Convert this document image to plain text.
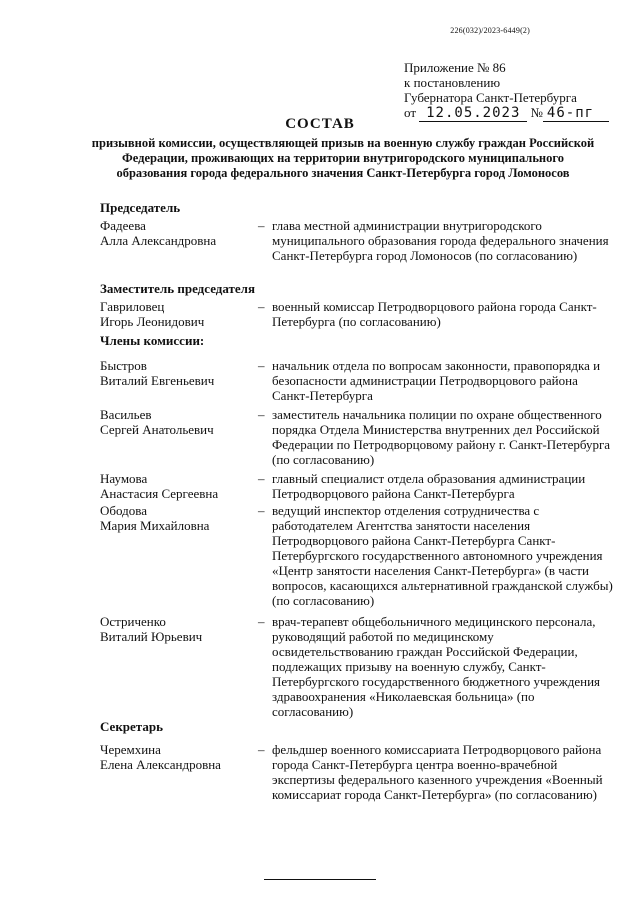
226(032)/2023-6449(2)
Приложение № 86
к постановлению
Губернатора Санкт-Петербурга
от 12.05.2023 № 46-пг
СОСТАВ
призывной комиссии, осуществляющей призыв на военную службу граждан Российской Федерации, проживающих на территории внутригородского муниципального образования города федерального значения Санкт-Петербурга город Ломоносов
Председатель
Фадеева
Алла Александровна
– глава местной администрации внутригородского муниципального образования города федерального значения Санкт-Петербурга город Ломоносов (по согласованию)
Заместитель председателя
Гавриловец
Игорь Леонидович
– военный комиссар Петродворцового района города Санкт-Петербурга (по согласованию)
Члены комиссии:
Быстров
Виталий Евгеньевич
– начальник отдела по вопросам законности, правопорядка и безопасности администрации Петродворцового района Санкт-Петербурга
Васильев
Сергей Анатольевич
– заместитель начальника полиции по охране общественного порядка Отдела Министерства внутренних дел Российской Федерации по Петродворцовому району г. Санкт-Петербурга (по согласованию)
Наумова
Анастасия Сергеевна
– главный специалист отдела образования администрации Петродворцового района Санкт-Петербурга
Ободова
Мария Михайловна
– ведущий инспектор отделения сотрудничества с работодателем Агентства занятости населения Петродворцового района Санкт-Петербурга Санкт-Петербургского государственного автономного учреждения «Центр занятости населения Санкт-Петербурга» (в части вопросов, касающихся альтернативной гражданской службы) (по согласованию)
Остриченко
Виталий Юрьевич
– врач-терапевт общебольничного медицинского персонала, руководящий работой по медицинскому освидетельствованию граждан Российской Федерации, подлежащих призыву на военную службу, Санкт-Петербургского государственного бюджетного учреждения здравоохранения «Николаевская больница» (по согласованию)
Секретарь
Черемхина
Елена Александровна
– фельдшер военного комиссариата Петродворцового района города Санкт-Петербурга центра военно-врачебной экспертизы федерального казенного учреждения «Военный комиссариат города Санкт-Петербурга» (по согласованию)
